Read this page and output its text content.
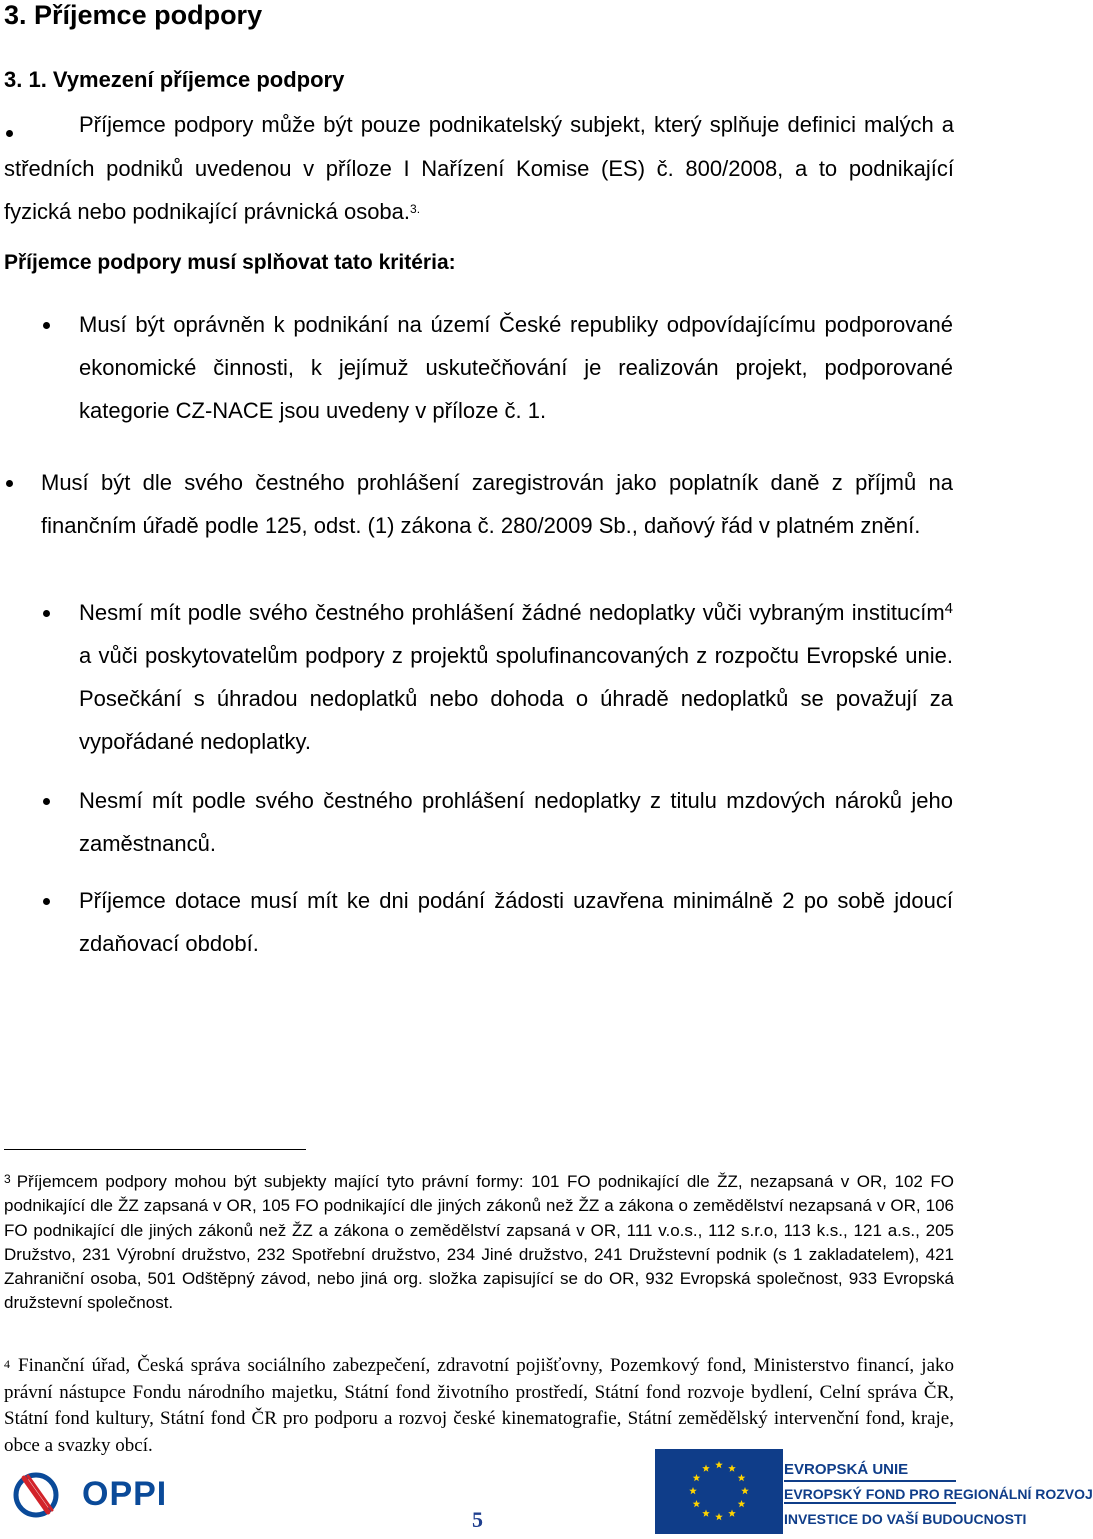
3. Příjemce podpory
3. 1. Vymezení příjemce podpory

Příjemce podpory může být pouze podnikatelský subjekt, který splňuje definici malých a středních podniků uvedenou v příloze I Nařízení Komise (ES) č. 800/2008, a to podnikající fyzická nebo podnikající právnická osoba.$^{3.}$

Příjemce podpory musí splňovat tato kritéria:

Musí být oprávněn k podnikání na území České republiky odpovídajícímu podporované ekonomické činnosti, k jejímuž uskutečňování je realizován projekt, podporované kategorie CZ-NACE jsou uvedeny v příloze č. 1.

Musí být dle svého čestného prohlášení zaregistrován jako poplatník daně z příjmů na finančním úřadě podle 125, odst. (1) zákona č. 280/2009 Sb., daňový řád v platném znění.

Nesmí mít podle svého čestného prohlášení žádné nedoplatky vůči vybraným institucím$^4$ a vůči poskytovatelům podpory z projektů spolufinancovaných z rozpočtu Evropské unie. Posečkání s úhradou nedoplatků nebo dohoda o úhradě nedoplatků se považují za vypořádané nedoplatky.

Nesmí mít podle svého čestného prohlášení nedoplatky z titulu mzdových nároků jeho zaměstnanců.

Příjemce dotace musí mít ke dni podání žádosti uzavřena minimálně 2 po sobě jdoucí zdaňovací období.

$^3$ Příjemcem podpory mohou být subjekty mající tyto právní formy: 101 FO podnikající dle ŽZ, nezapsaná v OR, 102 FO podnikající dle ŽZ zapsaná v OR, 105 FO podnikající dle jiných zákonů než ŽZ a zákona o zemědělství nezapsaná v OR, 106 FO podnikající dle jiných zákonů než ŽZ a zákona o zemědělství zapsaná v OR, 111 v.o.s., 112 s.r.o, 113 k.s., 121 a.s., 205 Družstvo, 231 Výrobní družstvo, 232 Spotřební družstvo, 234 Jiné družstvo, 241 Družstevní podnik (s 1 zakladatelem), 421 Zahraniční osoba, 501 Odštěpný závod, nebo jiná org. složka zapisující se do OR, 932 Evropská společnost, 933 Evropská družstevní společnost.

$^4$ Finanční úřad, Česká správa sociálního zabezpečení, zdravotní pojišťovny, Pozemkový fond, Ministerstvo financí, jako právní nástupce Fondu národního majetku, Státní fond životního prostředí, Státní fond rozvoje bydlení, Celní správa ČR, Státní fond kultury, Státní fond ČR pro podporu a rozvoj české kinematografie, Státní zemědělský intervenční fond, kraje, obce a svazky obcí.

OPPI
5
EVROPSKÁ UNIE
EVROPSKÝ FOND PRO REGIONÁLNÍ ROZVOJ
INVESTICE DO VAŠÍ BUDOUCNOSTI
